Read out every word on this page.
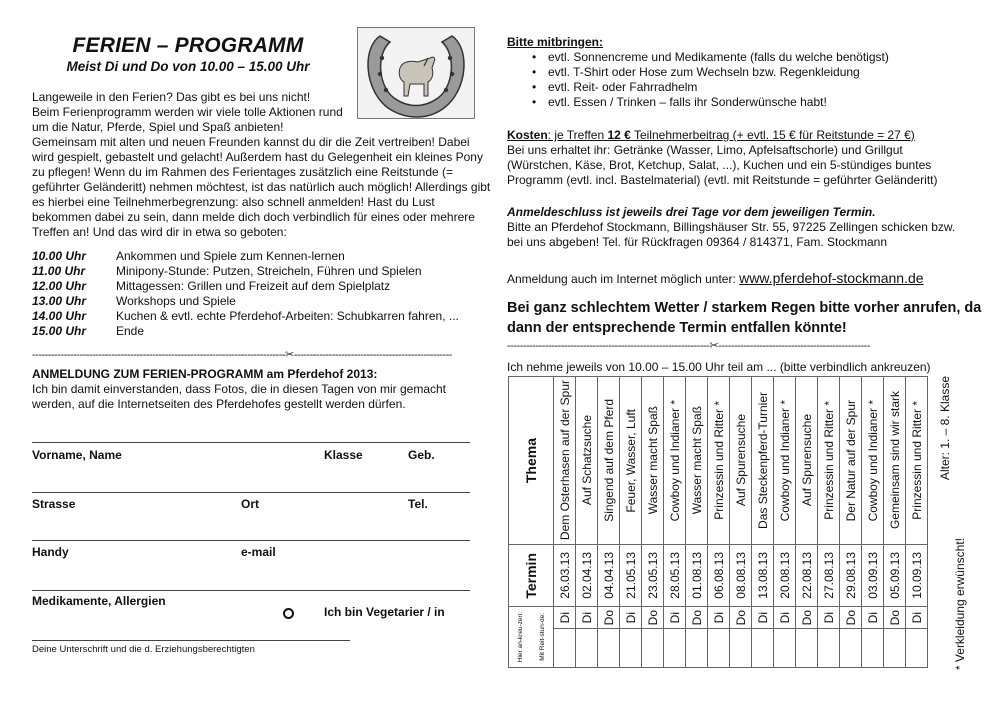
FERIEN – PROGRAMM
Meist Di und Do von 10.00 – 15.00 Uhr
Langeweile in den Ferien? Das gibt es bei uns nicht!
Beim Ferienprogramm werden wir viele tolle Aktionen rund
um die Natur, Pferde, Spiel und Spaß anbieten!
Gemeinsam mit alten und neuen Freunden kannst du dir die Zeit vertreiben! Dabei
wird gespielt, gebastelt und gelacht! Außerdem hast du Gelegenheit ein kleines Pony
zu pflegen! Wenn du im Rahmen des Ferientages zusätzlich eine Reitstunde (=
geführter Geländeritt) nehmen möchtest, ist das natürlich auch möglich! Allerdings gibt
es hierbei eine Teilnehmerbegrenzung: also schnell anmelden! Hast du Lust
bekommen dabei zu sein, dann melde dich doch verbindlich für eines oder mehrere
Treffen an! Und das wird dir in etwa so geboten:
10.00 Uhr Ankommen und Spiele zum Kennen-lernen
11.00 Uhr	Minipony-Stunde: Putzen, Streicheln, Führen und Spielen
12.00 Uhr Mittagessen: Grillen und Freizeit auf dem Spielplatz
13.00 Uhr Workshops und Spiele
14.00 Uhr Kuchen & evtl. echte Pferdehof-Arbeiten: Schubkarren fahren, ...
15.00 Uhr Ende
--------------------------------------------------------------------------------✂--------------------------------------------------
ANMELDUNG ZUM FERIEN-PROGRAMM am Pferdehof 2013:
Ich bin damit einverstanden, dass Fotos, die in diesen Tagen von mir gemacht werden, auf die Internetseiten des Pferdehofes gestellt werden dürfen.
Vorname, Name	Klasse	Geb.
Strasse	Ort	Tel.
Handy	e-mail
Medikamente, Allergien
Ich bin Vegetarier / in
Deine Unterschrift und die d. Erziehungsberechtigten
Bitte mitbringen:
• evtl. Sonnencreme und Medikamente (falls du welche benötigst)
• evtl. T-Shirt oder Hose zum Wechseln bzw. Regenkleidung
• evtl. Reit- oder Fahrradhelm
• evtl. Essen / Trinken – falls ihr Sonderwünsche habt!
Kosten: je Treffen 12 € Teilnehmerbeitrag (+ evtl. 15 € für Reitstunde = 27 €)
Bei uns erhaltet ihr: Getränke (Wasser, Limo, Apfelsaftschorle) und Grillgut
(Würstchen, Käse, Brot, Ketchup, Salat, ...), Kuchen und ein 5-stündiges buntes
Programm (evtl. incl. Bastelmaterial) (evtl. mit Reitstunde = geführter Geländeritt)
Anmeldeschluss ist jeweils drei Tage vor dem jeweiligen Termin.
Bitte an Pferdehof Stockmann, Billingshäuser Str. 55, 97225 Zellingen schicken bzw.
bei uns abgeben! Tel. für Rückfragen 09364 / 814371, Fam. Stockmann
Anmeldung auch im Internet möglich unter: www.pferdehof-stockmann.de
Bei ganz schlechtem Wetter / starkem Regen bitte vorher anrufen, da
dann der entsprechende Termin entfallen könnte!
----------------------------------------------------------------✂------------------------------------------------
Ich nehme jeweils von 10.00 – 15.00 Uhr teil am ... (bitte verbindlich ankreuzen)
Thema	Dem Osterhasen auf der Spur	Auf Schatzsuche	Singend auf dem Pferd	Feuer, Wasser, Luft	Wasser macht Spaß	Cowboy und Indianer *	Wasser macht Spaß	Prinzessin und Ritter *	Auf Spurensuche	Das Steckenpferd-Turnier	Cowboy und Indianer *	Auf Spurensuche	Prinzessin und Ritter *	Der Natur auf der Spur	Cowboy und Indianer *	Gemeinsam sind wir stark	Prinzessin und Ritter *	

Termin	26.03.13	02.04.13	04.04.13	21.05.13	23.05.13	28.05.13	01.08.13	06.08.13	08.08.13	13.08.13	20.08.13	22.08.13	27.08.13	29.08.13	03.09.13	05.09.13	10.09.13	

Hier an-kreu-zen: Mit Reit-stun-de:	Di	Di	Do	Di	Do	Di	Do	Di	Do	Di	Di	Do	Di	Do	Di	Do	Di	

Alter: 1. – 8. Klasse
* Verkleidung erwünscht!
